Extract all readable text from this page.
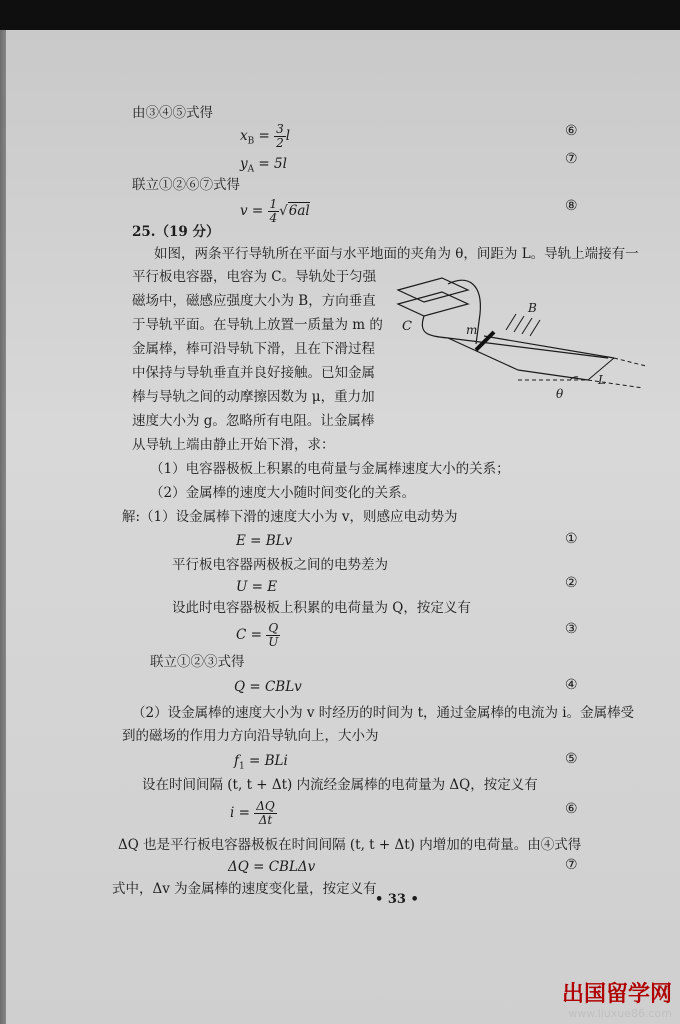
由③④⑤式得
$x_B = \frac{3}{2}$ l	⑥
$y_A = 5l$	⑦
联立①②⑥⑦式得
$v = \frac{1}{4} √6al$	⑧
25.（19 分）
如图，两条平行导轨所在平面与水平地面的夹角为 θ，间距为 L。导轨上端接有一
平行板电容器，电容为 C。导轨处于匀强
磁场中，磁感应强度大小为 B，方向垂直
于导轨平面。在导轨上放置一质量为 m 的
金属棒，棒可沿导轨下滑，且在下滑过程
中保持与导轨垂直并良好接触。已知金属
棒与导轨之间的动摩擦因数为 μ，重力加
速度大小为 g。忽略所有电阻。让金属棒
从导轨上端由静止开始下滑，求：
C	m
B
L
θ
（1）电容器极板上积累的电荷量与金属棒速度大小的关系；
（2）金属棒的速度大小随时间变化的关系。
解:（1）设金属棒下滑的速度大小为 v，则感应电动势为
E = BLv	①
平行板电容器两极板之间的电势差为
U = E	②
设此时电容器极板上积累的电荷量为 Q，按定义有
$C = \frac{Q}{U}$	③
联立①②③式得
Q = CBLv	④
（2）设金属棒的速度大小为 v 时经历的时间为 t，通过金属棒的电流为 i。金属棒受
到的磁场的作用力方向沿导轨向上，大小为
$f_1$ = BLi	⑤
设在时间间隔 (t, t + Δt) 内流经金属棒的电荷量为 ΔQ，按定义有
$i = \frac{\Delta Q}{\Delta t}$	⑥
ΔQ 也是平行板电容器极板在时间间隔 (t, t + Δt) 内增加的电荷量。由④式得
ΔQ = CBLΔv	⑦
式中，Δv 为金属棒的速度变化量，按定义有
• 33 •
出国留学网
www.liuxue86.com
